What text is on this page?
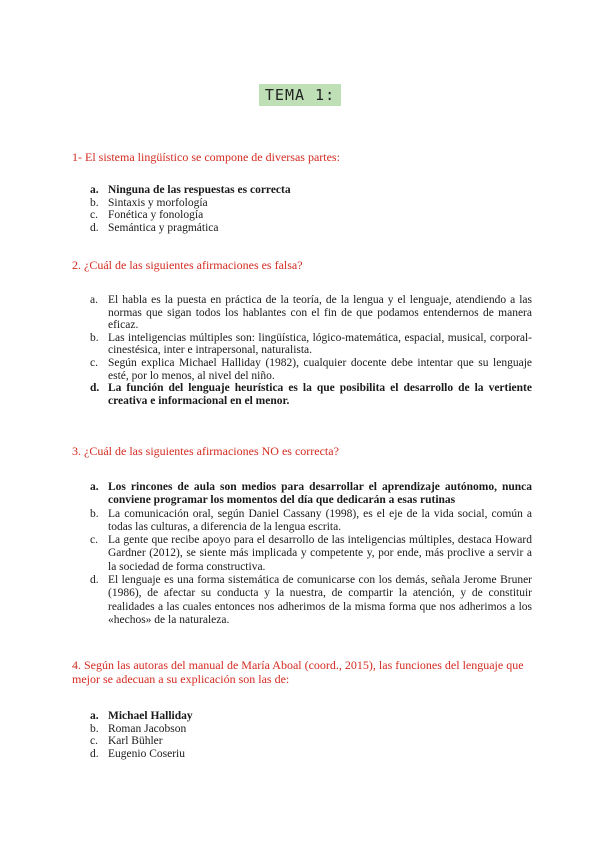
TEMA 1:
1- El sistema lingüístico se compone de diversas partes:
a. Ninguna de las respuestas es correcta
b. Sintaxis y morfología
c. Fonética y fonología
d. Semántica y pragmática
2. ¿Cuál de las siguientes afirmaciones es falsa?
a. El habla es la puesta en práctica de la teoría, de la lengua y el lenguaje, atendiendo a las normas que sigan todos los hablantes con el fin de que podamos entendernos de manera eficaz.
b. Las inteligencias múltiples son: lingüística, lógico-matemática, espacial, musical, corporal-cinestésica, inter e intrapersonal, naturalista.
c. Según explica Michael Halliday (1982), cualquier docente debe intentar que su lenguaje esté, por lo menos, al nivel del niño.
d. La función del lenguaje heurística es la que posibilita el desarrollo de la vertiente creativa e informacional en el menor.
3. ¿Cuál de las siguientes afirmaciones NO es correcta?
a. Los rincones de aula son medios para desarrollar el aprendizaje autónomo, nunca conviene programar los momentos del día que dedicarán a esas rutinas
b. La comunicación oral, según Daniel Cassany (1998), es el eje de la vida social, común a todas las culturas, a diferencia de la lengua escrita.
c. La gente que recibe apoyo para el desarrollo de las inteligencias múltiples, destaca Howard Gardner (2012), se siente más implicada y competente y, por ende, más proclive a servir a la sociedad de forma constructiva.
d. El lenguaje es una forma sistemática de comunicarse con los demás, señala Jerome Bruner (1986), de afectar su conducta y la nuestra, de compartir la atención, y de constituir realidades a las cuales entonces nos adherimos de la misma forma que nos adherimos a los «hechos» de la naturaleza.
4. Según las autoras del manual de María Aboal (coord., 2015), las funciones del lenguaje que mejor se adecuan a su explicación son las de:
a. Michael Halliday
b. Roman Jacobson
c. Karl Bühler
d. Eugenio Coseriu
